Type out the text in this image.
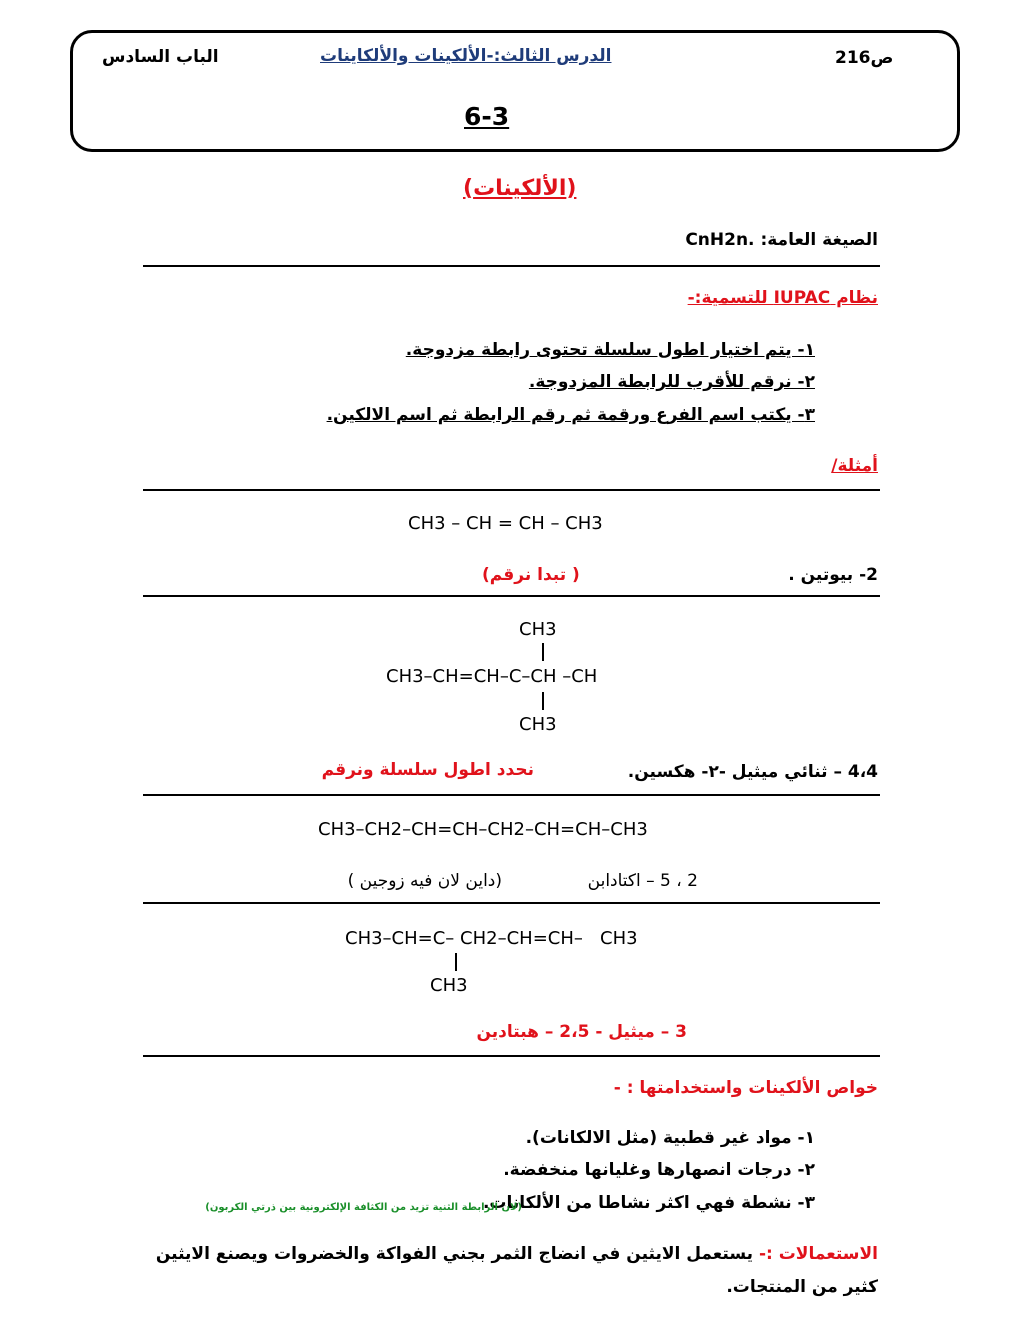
ص216
الدرس الثالث:-الألكينات والألكاينات
الباب السادس
6-3
(الألكينات)
الصيغة العامة: CnH2n.
نظام IUPAC للتسمية:-
١- يتم اختيار اطول سلسلة تحتوى رابطة مزدوجة.
٢- نرقم للأقرب للرابطة المزدوجة.
٣- يكتب اسم الفرع ورقمة ثم رقم الرابطة ثم اسم الالكين.
أمثلة/
CH3 – CH = CH – CH3
2- بيوتين .
(تبدا نرقم )
CH3
CH3–CH=CH–C–CH –CH
CH3
4،4 – ثنائي ميثيل -٢- هكسين.
نحدد اطول سلسلة ونرقم
CH3–CH2–CH=CH–CH2–CH=CH–CH3
2 ، 5 – اكتادابن
(داين لان فيه زوجين )
CH3–CH=C– CH2–CH=CH–   CH3
CH3
3 – ميثيل - 2،5 – هبتادين
خواص الألكينات واستخدامتها : -
١- مواد غير قطبية (مثل الالكانات).
٢- درجات انصهارها وغليانها منخفضة.
٣- نشطة فهي اكثر نشاطا من الألكانات.
(لان الرابطة الثنية تزيد من الكثافة الإلكترونية بين ذرتي الكربون)
الاستعمالات :- يستعمل الايثين في انضاج الثمر بجني الفواكة والخضروات ويصنع الايثين
كثير من المنتجات.
